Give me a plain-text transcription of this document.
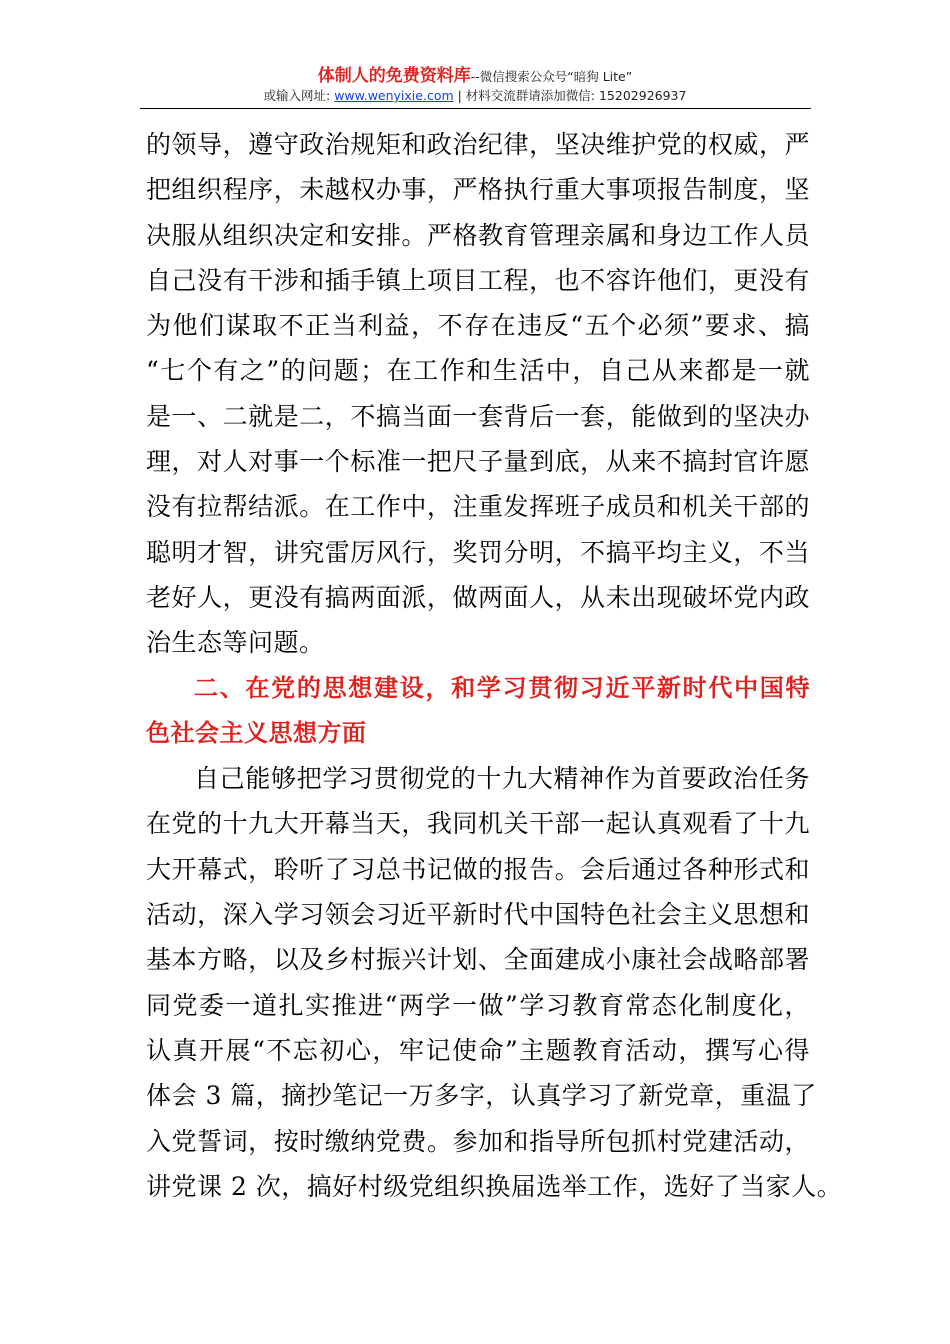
体制人的免费资料库--微信搜索公众号“暗狗 Lite”
或输入网址: www.wenyixie.com | 材料交流群请添加微信: 15202926937
的领导，遵守政治规矩和政治纪律，坚决维护党的权威，严
把组织程序，未越权办事，严格执行重大事项报告制度，坚
决服从组织决定和安排。严格教育管理亲属和身边工作人员
自己没有干涉和插手镇上项目工程，也不容许他们，更没有
为他们谋取不正当利益，不存在违反“五个必须”要求、搞
“七个有之”的问题；在工作和生活中，自己从来都是一就
是一、二就是二，不搞当面一套背后一套，能做到的坚决办
理，对人对事一个标准一把尺子量到底，从来不搞封官许愿
没有拉帮结派。在工作中，注重发挥班子成员和机关干部的
聪明才智，讲究雷厉风行，奖罚分明，不搞平均主义，不当
老好人，更没有搞两面派，做两面人，从未出现破坏党内政
治生态等问题。
二、在党的思想建设，和学习贯彻习近平新时代中国特
色社会主义思想方面
自己能够把学习贯彻党的十九大精神作为首要政治任务
在党的十九大开幕当天，我同机关干部一起认真观看了十九
大开幕式，聆听了习总书记做的报告。会后通过各种形式和
活动，深入学习领会习近平新时代中国特色社会主义思想和
基本方略，以及乡村振兴计划、全面建成小康社会战略部署
同党委一道扎实推进“两学一做”学习教育常态化制度化，
认真开展“不忘初心，牢记使命”主题教育活动，撰写心得
体会 3 篇，摘抄笔记一万多字，认真学习了新党章，重温了
入党誓词，按时缴纳党费。参加和指导所包抓村党建活动，
讲党课 2 次，搞好村级党组织换届选举工作，选好了当家人。
